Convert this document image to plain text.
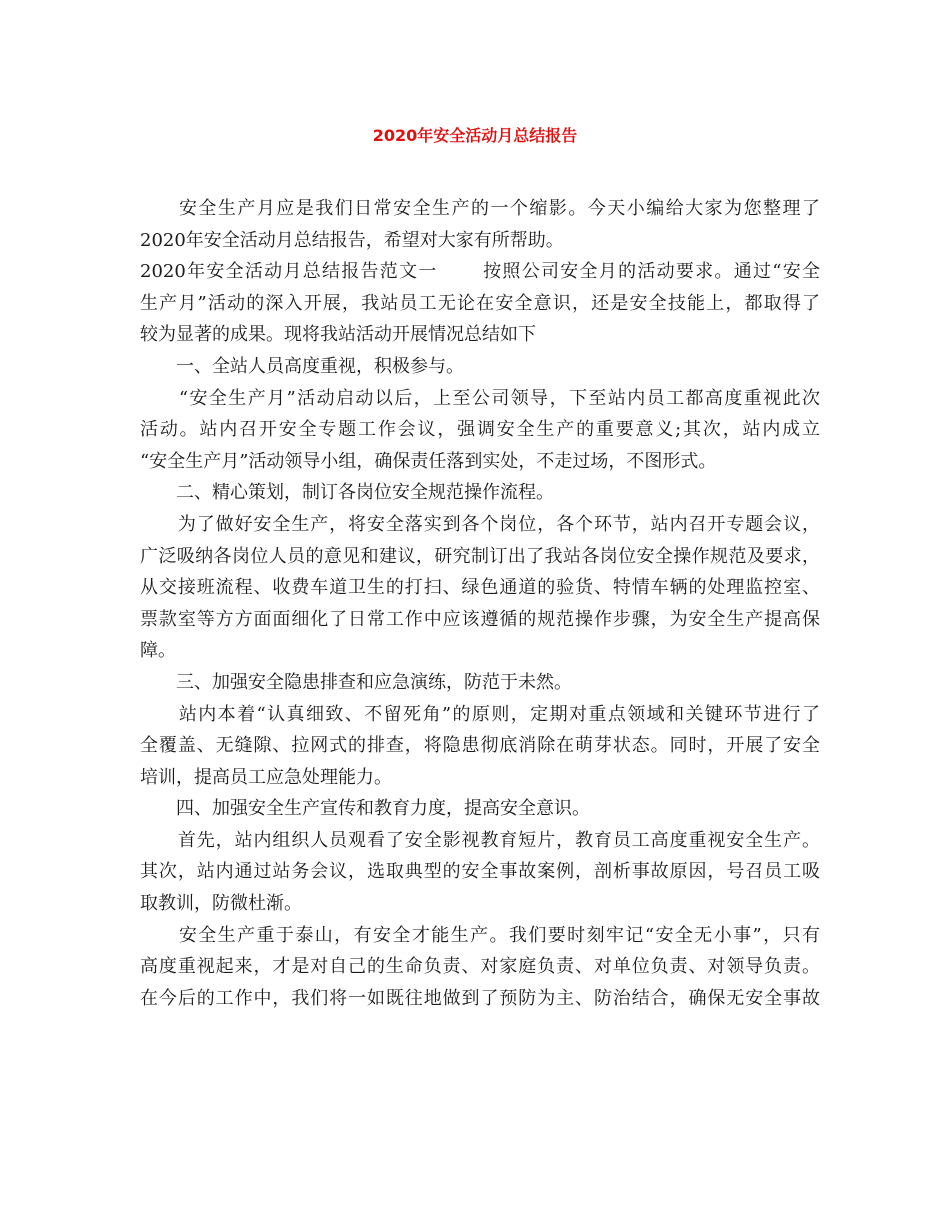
2020年安全活动月总结报告
　　安全生产月应是我们日常安全生产的一个缩影。今天小编给大家为您整理了
2020年安全活动月总结报告，希望对大家有所帮助。
2020年安全活动月总结报告范文一　　 按照公司安全月的活动要求。通过“安全
生产月”活动的深入开展，我站员工无论在安全意识，还是安全技能上，都取得了
较为显著的成果。现将我站活动开展情况总结如下
　　一、全站人员高度重视，积极参与。
　　“安全生产月”活动启动以后，上至公司领导，下至站内员工都高度重视此次
活动。站内召开安全专题工作会议，强调安全生产的重要意义;其次，站内成立
“安全生产月”活动领导小组，确保责任落到实处，不走过场，不图形式。
　　二、精心策划，制订各岗位安全规范操作流程。
　　为了做好安全生产，将安全落实到各个岗位，各个环节，站内召开专题会议，
广泛吸纳各岗位人员的意见和建议，研究制订出了我站各岗位安全操作规范及要求，
从交接班流程、收费车道卫生的打扫、绿色通道的验货、特情车辆的处理监控室、
票款室等方方面面细化了日常工作中应该遵循的规范操作步骤，为安全生产提高保
障。
　　三、加强安全隐患排查和应急演练，防范于未然。
　　站内本着“认真细致、不留死角”的原则，定期对重点领域和关键环节进行了
全覆盖、无缝隙、拉网式的排查，将隐患彻底消除在萌芽状态。同时，开展了安全
培训，提高员工应急处理能力。
　　四、加强安全生产宣传和教育力度，提高安全意识。
　　首先，站内组织人员观看了安全影视教育短片，教育员工高度重视安全生产。
其次，站内通过站务会议，选取典型的安全事故案例，剖析事故原因，号召员工吸
取教训，防微杜渐。
　　安全生产重于泰山，有安全才能生产。我们要时刻牢记“安全无小事”，只有
高度重视起来，才是对自己的生命负责、对家庭负责、对单位负责、对领导负责。
在今后的工作中，我们将一如既往地做到了预防为主、防治结合，确保无安全事故
